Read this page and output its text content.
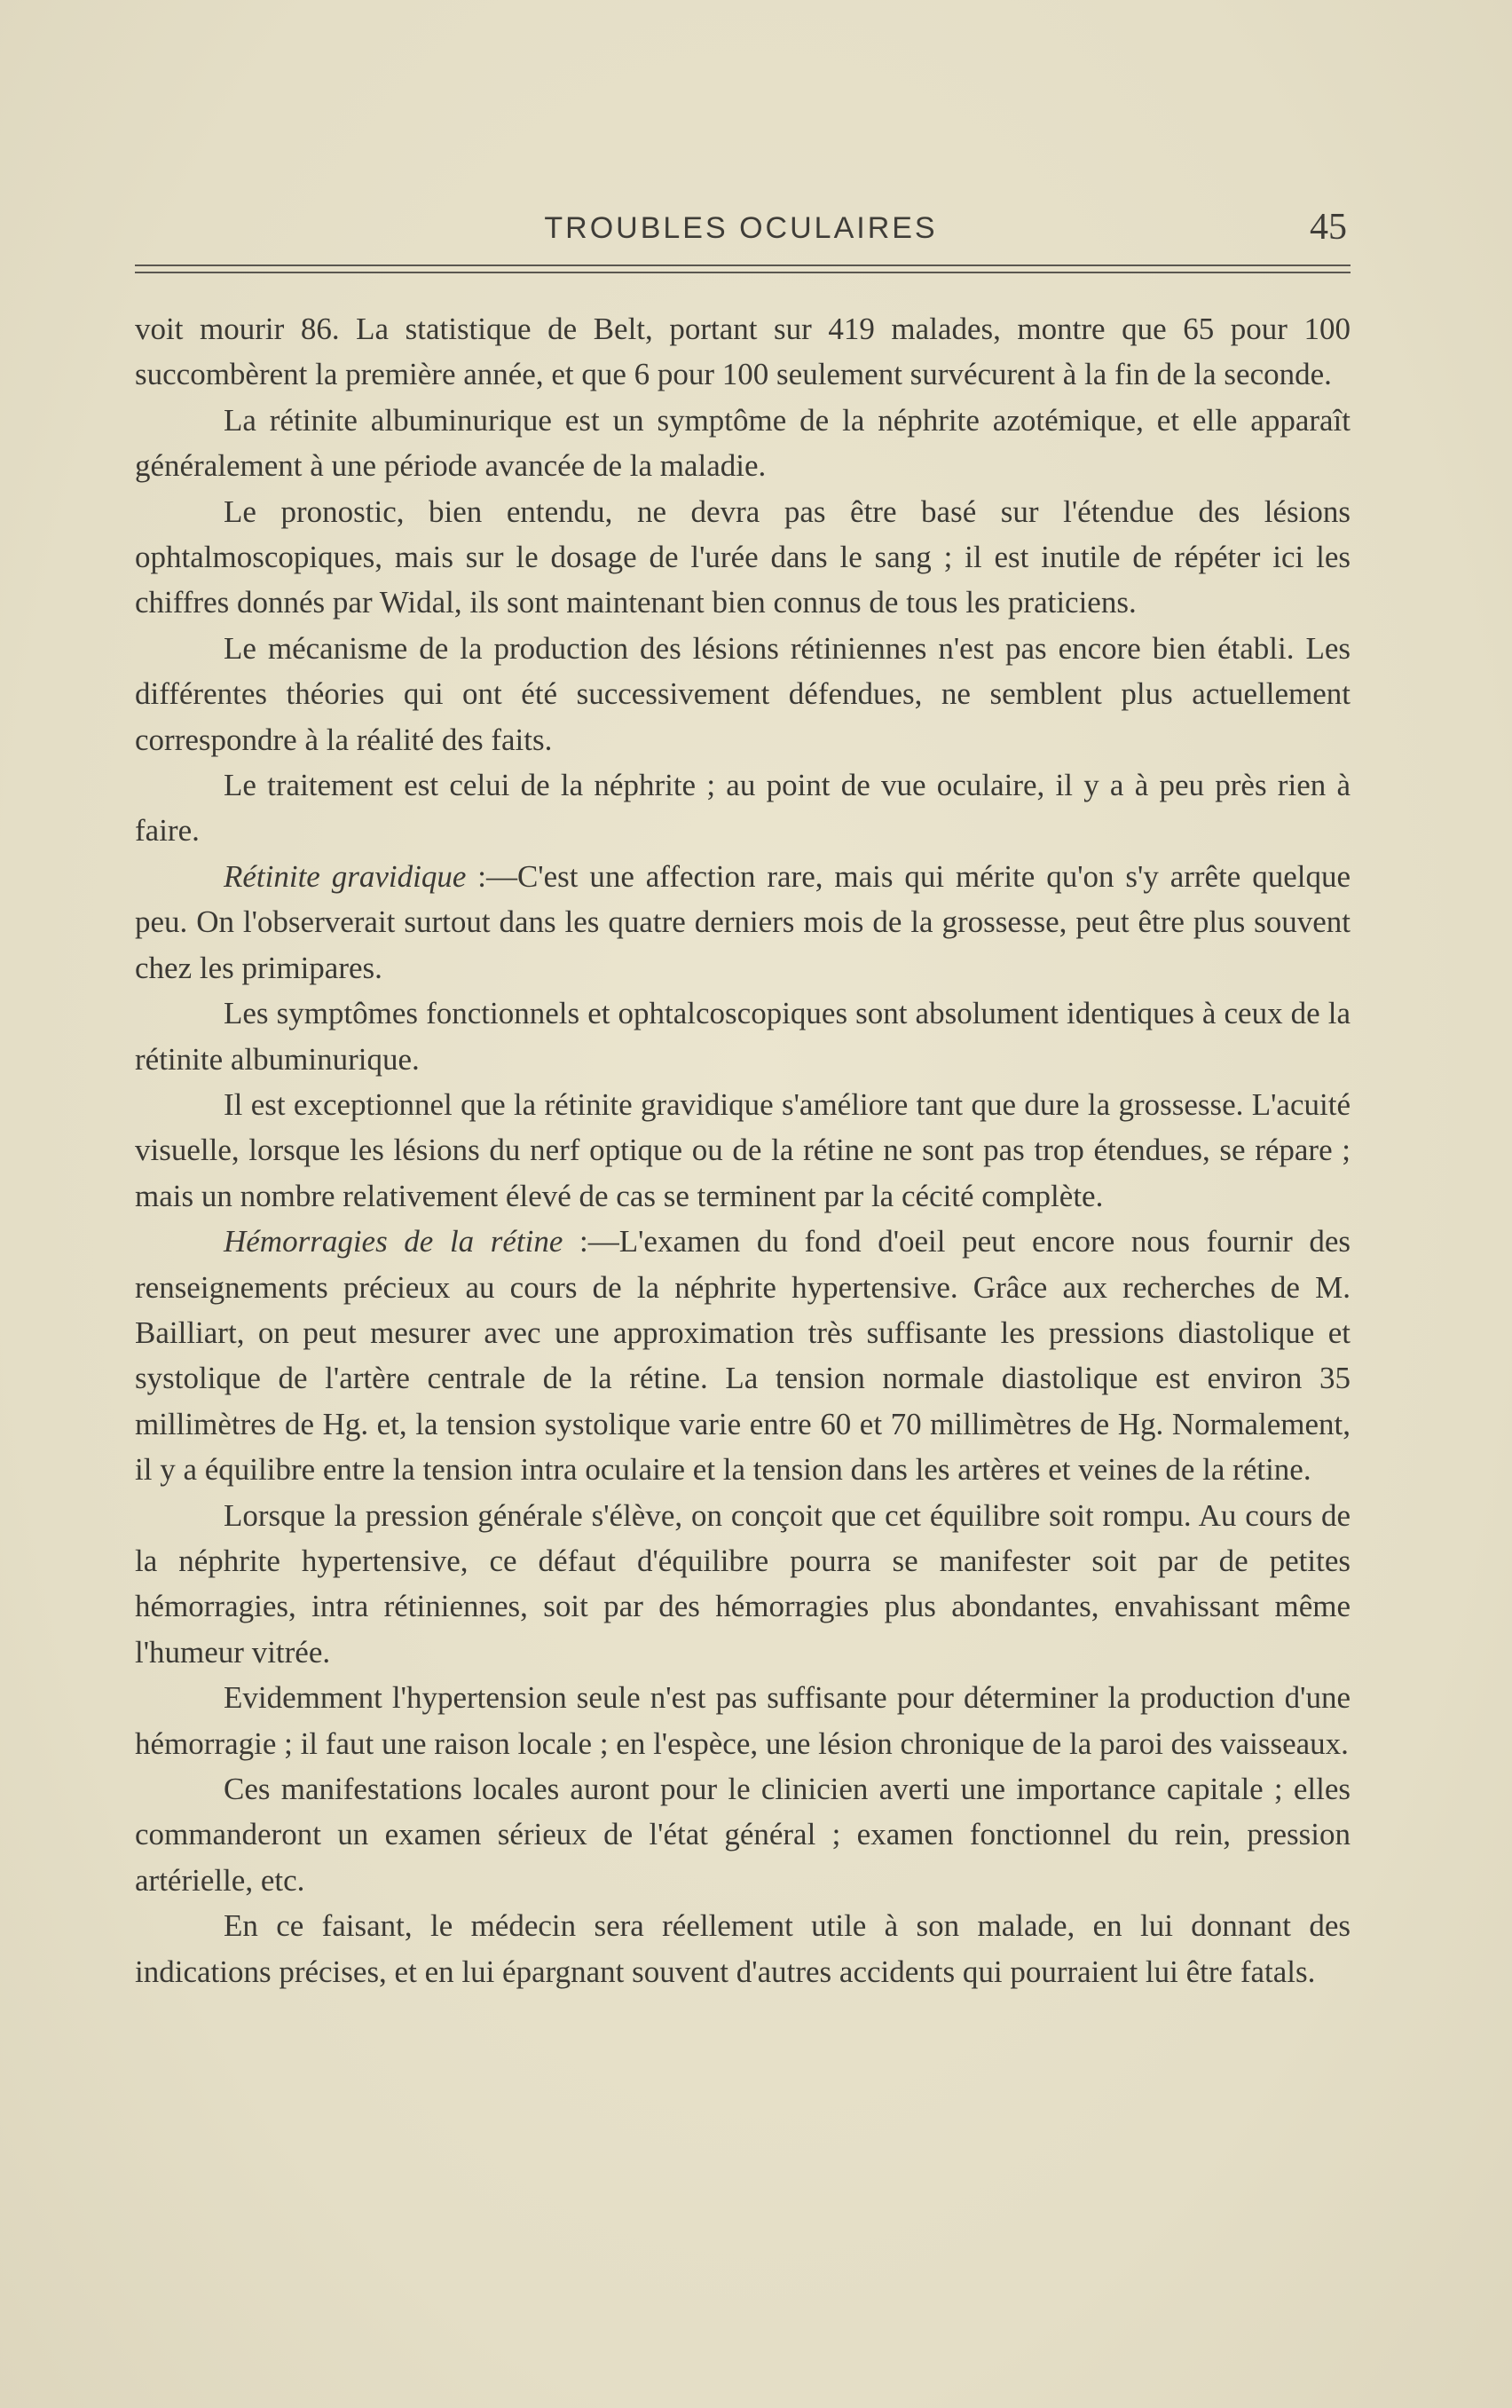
TROUBLES OCULAIRES	45

voit mourir 86. La statistique de Belt, portant sur 419 malades, montre que 65 pour 100 succombèrent la première année, et que 6 pour 100 seulement survécurent à la fin de la seconde.

La rétinite albuminurique est un symptôme de la néphrite azotémique, et elle apparaît généralement à une période avancée de la maladie.

Le pronostic, bien entendu, ne devra pas être basé sur l'étendue des lésions ophtalmoscopiques, mais sur le dosage de l'urée dans le sang ; il est inutile de répéter ici les chiffres donnés par Widal, ils sont maintenant bien connus de tous les praticiens.

Le mécanisme de la production des lésions rétiniennes n'est pas encore bien établi. Les différentes théories qui ont été successivement défendues, ne semblent plus actuellement correspondre à la réalité des faits.

Le traitement est celui de la néphrite ; au point de vue oculaire, il y a à peu près rien à faire.

Rétinite gravidique :—C'est une affection rare, mais qui mérite qu'on s'y arrête quelque peu. On l'observerait surtout dans les quatre derniers mois de la grossesse, peut être plus souvent chez les primipares.

Les symptômes fonctionnels et ophtalcoscopiques sont absolument identiques à ceux de la rétinite albuminurique.

Il est exceptionnel que la rétinite gravidique s'améliore tant que dure la grossesse. L'acuité visuelle, lorsque les lésions du nerf optique ou de la rétine ne sont pas trop étendues, se répare ; mais un nombre relativement élevé de cas se terminent par la cécité complète.

Hémorragies de la rétine :—L'examen du fond d'oeil peut encore nous fournir des renseignements précieux au cours de la néphrite hypertensive. Grâce aux recherches de M. Bailliart, on peut mesurer avec une approximation très suffisante les pressions diastolique et systolique de l'artère centrale de la rétine. La tension normale diastolique est environ 35 millimètres de Hg. et, la tension systolique varie entre 60 et 70 millimètres de Hg. Normalement, il y a équilibre entre la tension intra oculaire et la tension dans les artères et veines de la rétine.

Lorsque la pression générale s'élève, on conçoit que cet équilibre soit rompu. Au cours de la néphrite hypertensive, ce défaut d'équilibre pourra se manifester soit par de petites hémorragies, intra rétiniennes, soit par des hémorragies plus abondantes, envahissant même l'humeur vitrée.

Evidemment l'hypertension seule n'est pas suffisante pour déterminer la production d'une hémorragie ; il faut une raison locale ; en l'espèce, une lésion chronique de la paroi des vaisseaux.

Ces manifestations locales auront pour le clinicien averti une importance capitale ; elles commanderont un examen sérieux de l'état général ; examen fonctionnel du rein, pression artérielle, etc.

En ce faisant, le médecin sera réellement utile à son malade, en lui donnant des indications précises, et en lui épargnant souvent d'autres accidents qui pourraient lui être fatals.
